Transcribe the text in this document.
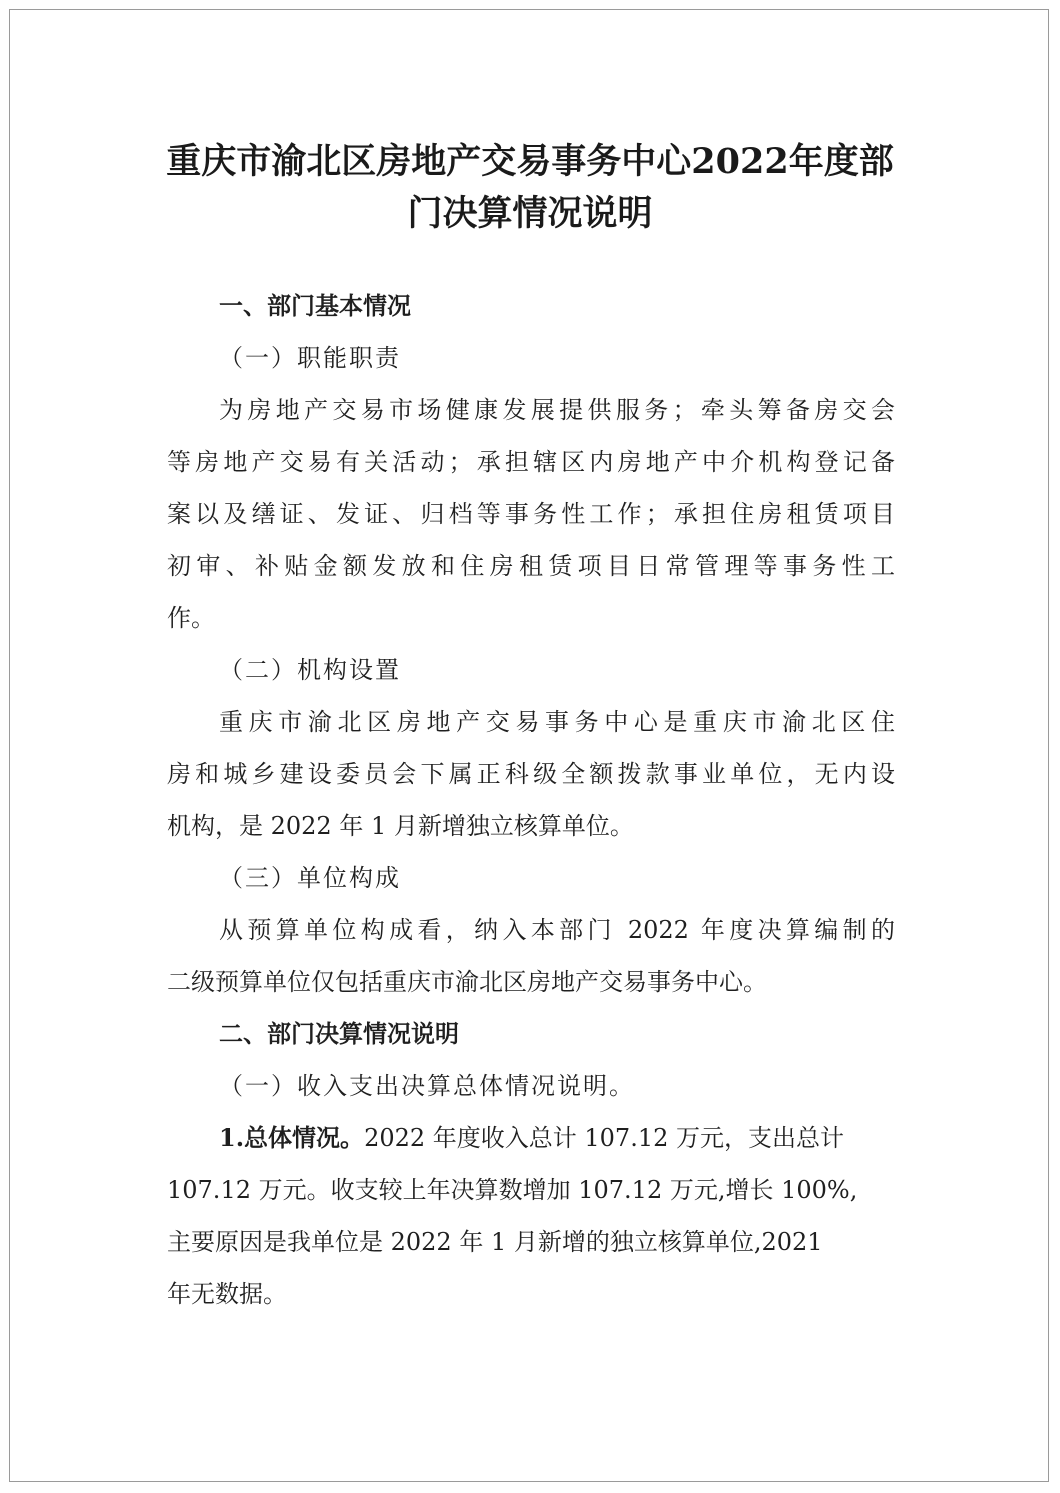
重庆市渝北区房地产交易事务中心2022年度部
门决算情况说明
一、部门基本情况
（一）职能职责
为房地产交易市场健康发展提供服务；牵头筹备房交会
等房地产交易有关活动；承担辖区内房地产中介机构登记备
案以及缮证、发证、归档等事务性工作；承担住房租赁项目
初审、补贴金额发放和住房租赁项目日常管理等事务性工
作。
（二）机构设置
重庆市渝北区房地产交易事务中心是重庆市渝北区住
房和城乡建设委员会下属正科级全额拨款事业单位，无内设
机构，是 2022 年 1 月新增独立核算单位。
（三）单位构成
从预算单位构成看，纳入本部门 2022 年度决算编制的
二级预算单位仅包括重庆市渝北区房地产交易事务中心。
二、部门决算情况说明
（一）收入支出决算总体情况说明。
1.总体情况。2022 年度收入总计 107.12 万元，支出总计
107.12 万元。收支较上年决算数增加 107.12 万元,增长 100%,
主要原因是我单位是 2022 年 1 月新增的独立核算单位,2021
年无数据。
